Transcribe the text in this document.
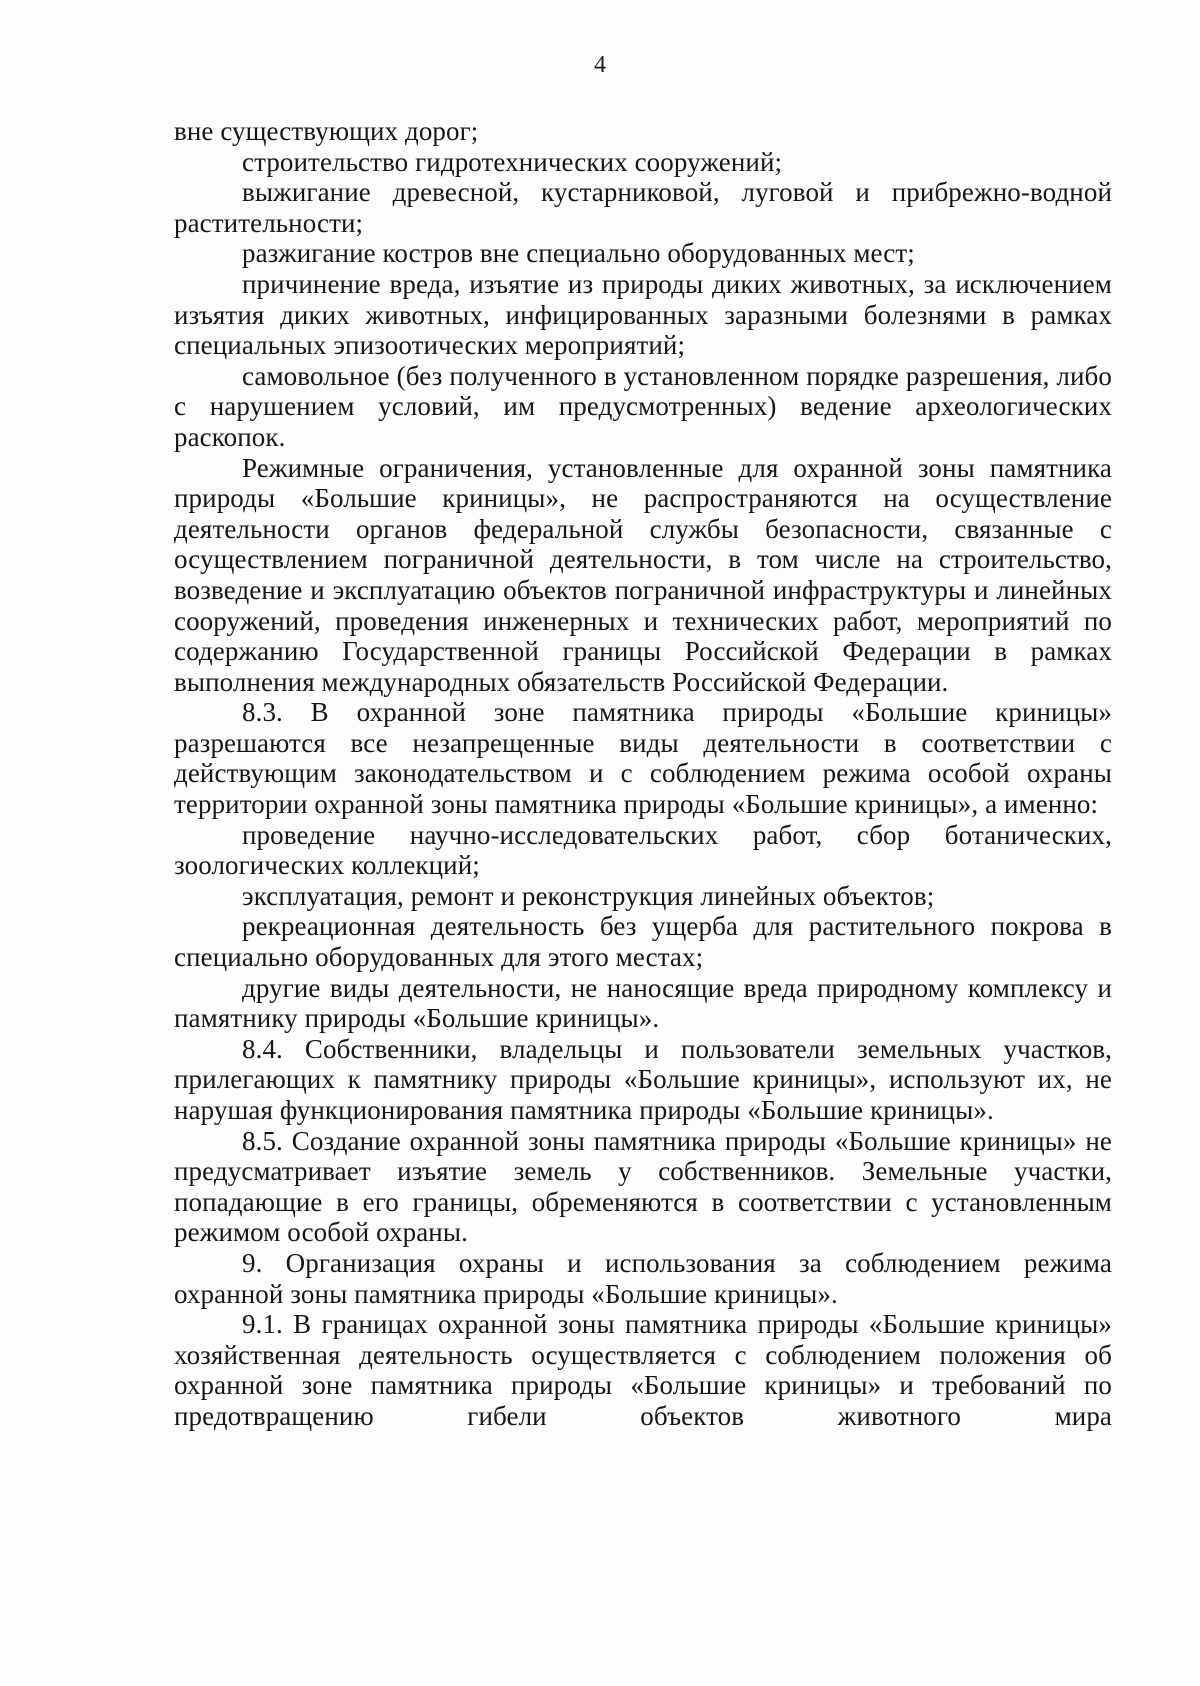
4

вне существующих дорог;

строительство гидротехнических сооружений;

выжигание древесной, кустарниковой, луговой и прибрежно-водной растительности;

разжигание костров вне специально оборудованных мест;

причинение вреда, изъятие из природы диких животных, за исключением изъятия диких животных, инфицированных заразными болезнями в рамках специальных эпизоотических мероприятий;

самовольное (без полученного в установленном порядке разрешения, либо с нарушением условий, им предусмотренных) ведение археологических раскопок.

Режимные ограничения, установленные для охранной зоны памятника природы «Большие криницы», не распространяются на осуществление деятельности органов федеральной службы безопасности, связанные с осуществлением пограничной деятельности, в том числе на строительство, возведение и эксплуатацию объектов пограничной инфраструктуры и линейных сооружений, проведения инженерных и технических работ, мероприятий по содержанию Государственной границы Российской Федерации в рамках выполнения международных обязательств Российской Федерации.

8.3. В охранной зоне памятника природы «Большие криницы» разрешаются все незапрещенные виды деятельности в соответствии с действующим законодательством и с соблюдением режима особой охраны территории охранной зоны памятника природы «Большие криницы», а именно:

проведение научно-исследовательских работ, сбор ботанических, зоологических коллекций;

эксплуатация, ремонт и реконструкция линейных объектов;

рекреационная деятельность без ущерба для растительного покрова в специально оборудованных для этого местах;

другие виды деятельности, не наносящие вреда природному комплексу и памятнику природы «Большие криницы».

8.4. Собственники, владельцы и пользователи земельных участков, прилегающих к памятнику природы «Большие криницы», используют их, не нарушая функционирования памятника природы «Большие криницы».

8.5. Создание охранной зоны памятника природы «Большие криницы» не предусматривает изъятие земель у собственников. Земельные участки, попадающие в его границы, обременяются в соответствии с установленным режимом особой охраны.

9. Организация охраны и использования за соблюдением режима охранной зоны памятника природы «Большие криницы».

9.1. В границах охранной зоны памятника природы «Большие криницы» хозяйственная деятельность осуществляется с соблюдением положения об охранной зоне памятника природы «Большие криницы» и требований по предотвращению гибели объектов животного мира
